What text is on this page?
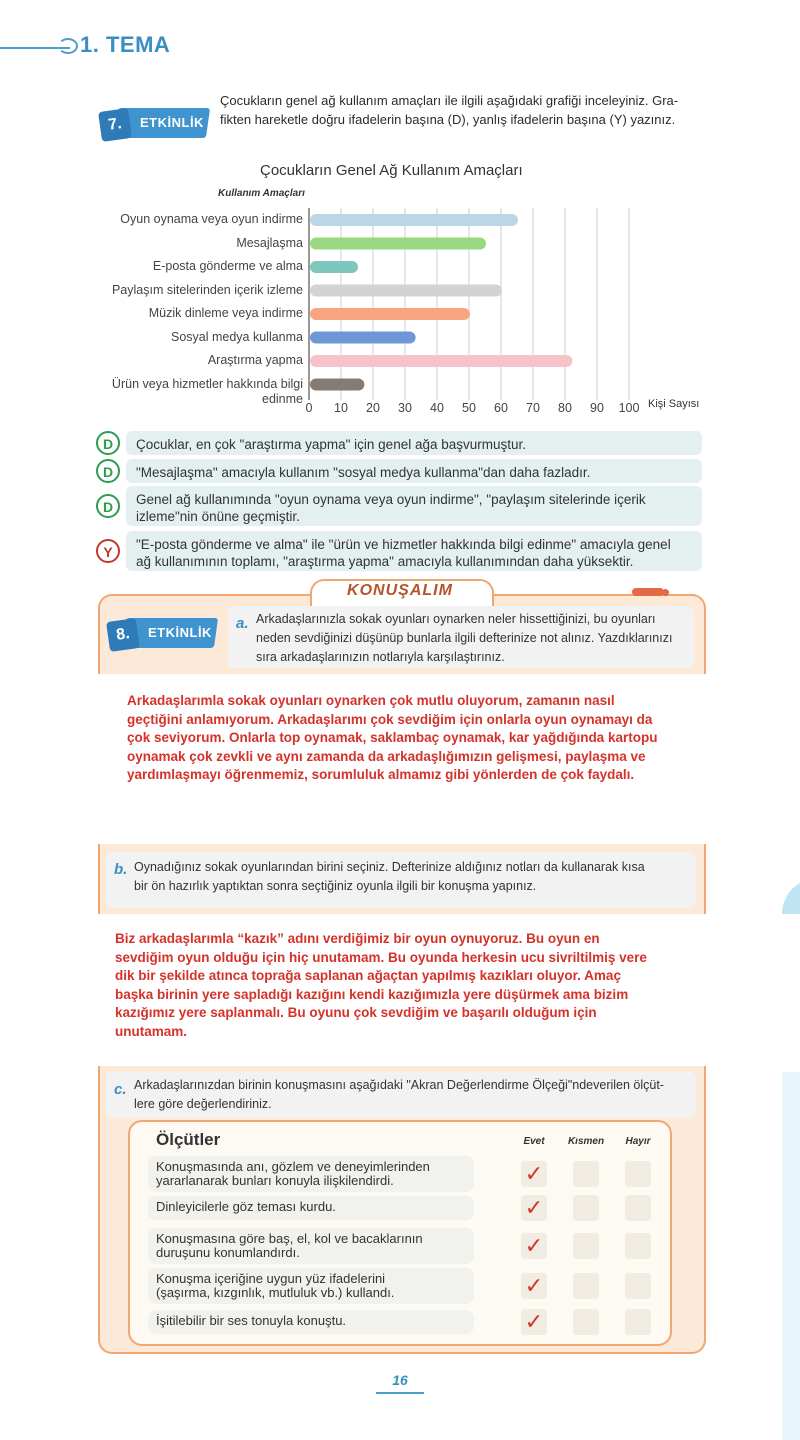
1. TEMA
7.	ETKİNLİK
Çocukların genel ağ kullanım amaçları ile ilgili aşağıdaki grafiği inceleyiniz. Gra-
fikten hareketle doğru ifadelerin başına (D), yanlış ifadelerin başına (Y) yazınız.
Çocukların Genel Ağ Kullanım Amaçları
Kullanım Amaçları
Oyun oynama veya oyun indirme
Mesajlaşma
E-posta gönderme ve alma
Paylaşım sitelerinden içerik izleme
Müzik dinleme veya indirme
Sosyal medya kullanma
Araştırma yapma
Ürün veya hizmetler hakkında bilgi edinme
0 10 20 30 40 50 60 70 80 90 100 Kişi Sayısı
D	Çocuklar, en çok "araştırma yapma" için genel ağa başvurmuştur.
D	"Mesajlaşma" amacıyla kullanım "sosyal medya kullanma"dan daha fazladır.
D	Genel ağ kullanımında "oyun oynama veya oyun indirme", "paylaşım sitelerinde içerik
izleme"nin önüne geçmiştir.
Y	"E-posta gönderme ve alma" ile "ürün ve hizmetler hakkında bilgi edinme" amacıyla genel
ağ kullanımının toplamı, "araştırma yapma" amacıyla kullanımından daha yüksektir.
KONUŞALIM
8.	ETKİNLİK
a. Arkadaşlarınızla sokak oyunları oynarken neler hissettiğinizi, bu oyunları
neden sevdiğinizi düşünüp bunlarla ilgili defterinize not alınız. Yazdıklarınızı
sıra arkadaşlarınızın notlarıyla karşılaştırınız.
Arkadaşlarımla sokak oyunları oynarken çok mutlu oluyorum, zamanın nasıl
geçtiğini anlamıyorum. Arkadaşlarımı çok sevdiğim için onlarla oyun oynamayı da
çok seviyorum. Onlarla top oynamak, saklambaç oynamak, kar yağdığında kartopu
oynamak çok zevkli ve aynı zamanda da arkadaşlığımızın gelişmesi, paylaşma ve
yardımlaşmayı öğrenmemiz, sorumluluk almamız gibi yönlerden de çok faydalı.
b. Oynadığınız sokak oyunlarından birini seçiniz. Defterinize aldığınız notları da kullanarak kısa
bir ön hazırlık yaptıktan sonra seçtiğiniz oyunla ilgili bir konuşma yapınız.
Biz arkadaşlarımla “kazık” adını verdiğimiz bir oyun oynuyoruz. Bu oyun en
sevdiğim oyun olduğu için hiç unutamam. Bu oyunda herkesin ucu sivriltilmiş vere
dik bir şekilde atınca toprağa saplanan ağaçtan yapılmış kazıkları oluyor. Amaç
başka birinin yere sapladığı kazığını kendi kazığımızla yere düşürmek ama bizim
kazığımız yere saplanmalı. Bu oyunu çok sevdiğim ve başarılı olduğum için
unutamam.
c. Arkadaşlarınızdan birinin konuşmasını aşağıdaki "Akran Değerlendirme Ölçeği"ndeverilen ölçüt-
lere göre değerlendiriniz.
Ölçütler	Evet	Kısmen	Hayır
Konuşmasında anı, gözlem ve deneyimlerinden
yararlanarak bunları konuyla ilişkilendirdi.	✓
Dinleyicilerle göz teması kurdu.	✓
Konuşmasına göre baş, el, kol ve bacaklarının
duruşunu konumlandırdı.	✓
Konuşma içeriğine uygun yüz ifadelerini
(şaşırma, kızgınlık, mutluluk vb.) kullandı.	✓
İşitilebilir bir ses tonuyla konuştu.	✓
16
